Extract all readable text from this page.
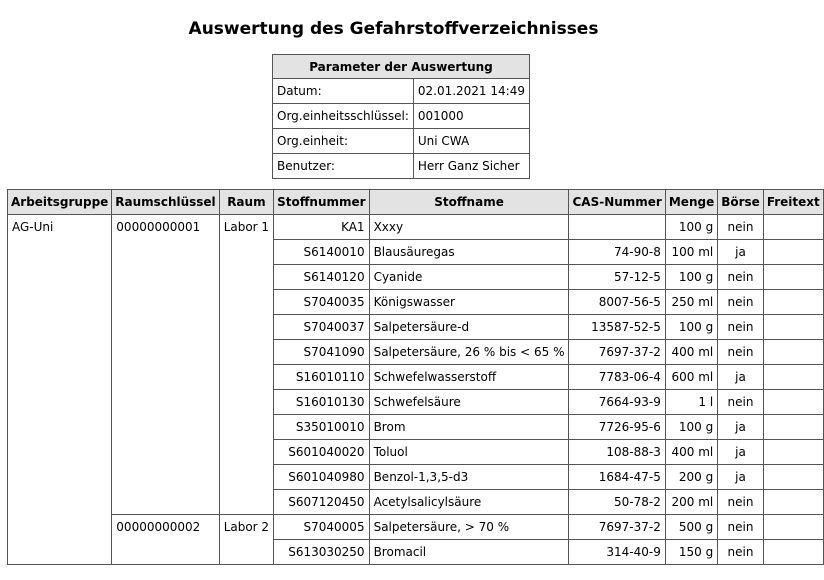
Auswertung des Gefahrstoffverzeichnisses
Parameter der Auswertung	
Datum:	02.01.2021 14:49
Org.einheitsschlüssel:	001000
Org.einheit:	Uni CWA
Benutzer:	Herr Ganz Sicher
Arbeitsgruppe	Raumschlüssel	Raum	Stoffnummer	Stoffname	CAS-Nummer	Menge	Börse	Freitext
AG-Uni	00000000001	Labor 1	KA1	Xxxy		100 g	nein	
			S6140010	Blausäuregas	74-90-8	100 ml	ja	
			S6140120	Cyanide	57-12-5	100 g	nein	
			S7040035	Königswasser	8007-56-5	250 ml	nein	
			S7040037	Salpetersäure-d	13587-52-5	100 g	nein	
			S7041090	Salpetersäure, 26 % bis < 65 %	7697-37-2	400 ml	nein	
			S16010110	Schwefelwasserstoff	7783-06-4	600 ml	ja	
			S16010130	Schwefelsäure	7664-93-9	1 l	nein	
			S35010010	Brom	7726-95-6	100 g	ja	
			S601040020	Toluol	108-88-3	400 ml	ja	
			S601040980	Benzol-1,3,5-d3	1684-47-5	200 g	ja	
			S607120450	Acetylsalicylsäure	50-78-2	200 ml	nein	
	00000000002	Labor 2	S7040005	Salpetersäure, > 70 %	7697-37-2	500 g	nein	
			S613030250	Bromacil	314-40-9	150 g	nein	
